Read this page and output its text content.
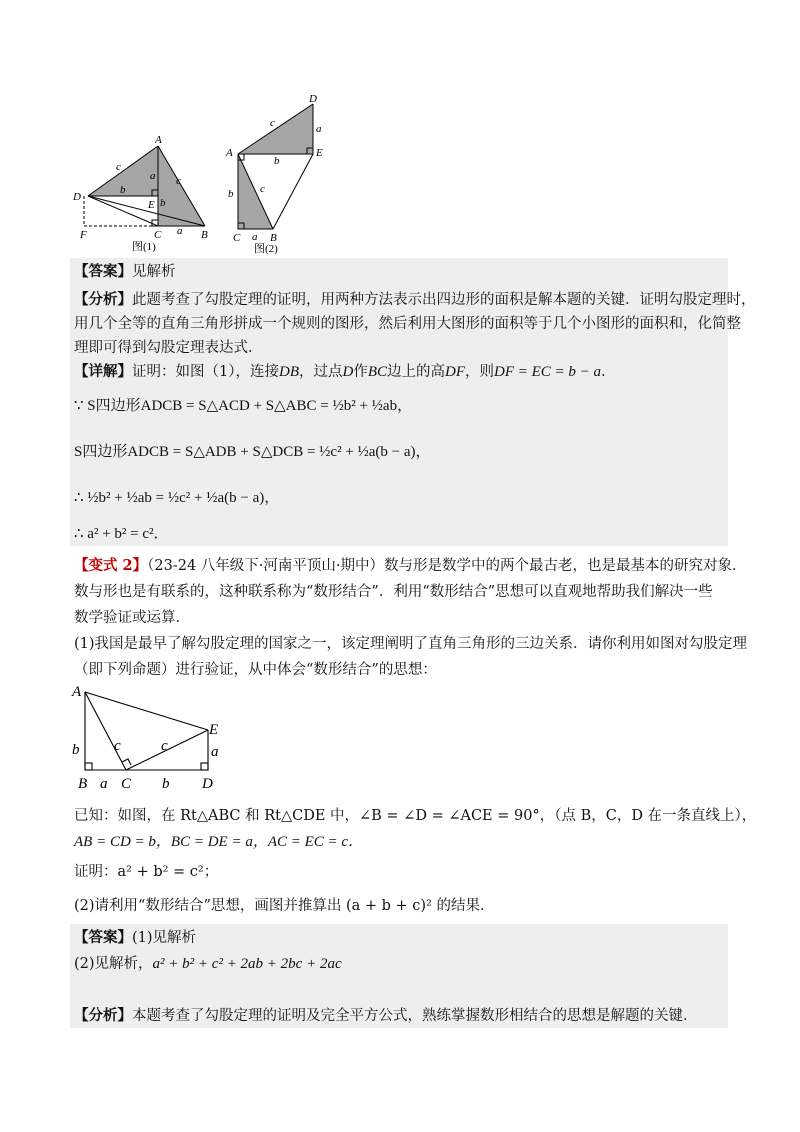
A
D
E
F	C	B
c
b
a
b
c
a
图(1)
D
A	E
C	B
c	a
b
b c
a
图(2)
【答案】见解析
【分析】此题考查了勾股定理的证明，用两种方法表示出四边形的面积是解本题的关键．证明勾股定理时，
用几个全等的直角三角形拼成一个规则的图形，然后利用大图形的面积等于几个小图形的面积和，化简整
理即可得到勾股定理表达式．
【详解】证明：如图（1），连接DB，过点D作BC边上的高DF，则DF = EC = b − a．
∵ S四边形ADCB = S△ACD + S△ABC = ½b² + ½ab，
S四边形ADCB = S△ADB + S△DCB = ½c² + ½a(b − a)，
∴ ½b² + ½ab = ½c² + ½a(b − a)，
∴ a² + b² = c²．
【变式 2】（23-24 八年级下·河南平顶山·期中）数与形是数学中的两个最古老，也是最基本的研究对象．
数与形也是有联系的，这种联系称为“数形结合”．利用“数形结合”思想可以直观地帮助我们解决一些
数学验证或运算．
(1)我国是最早了解勾股定理的国家之一，该定理阐明了直角三角形的三边关系．请你利用如图对勾股定理
（即下列命题）进行验证，从中体会“数形结合”的思想：
A
E
B a C b D
b c	c	a
已知：如图，在 Rt△ABC 和 Rt△CDE 中，∠B = ∠D = ∠ACE = 90°，（点 B，C，D 在一条直线上），
AB = CD = b，BC = DE = a，AC = EC = c．
证明：a² + b² = c²；
(2)请利用“数形结合”思想，画图并推算出 (a + b + c)² 的结果．
【答案】(1)见解析
(2)见解析，a² + b² + c² + 2ab + 2bc + 2ac
【分析】本题考查了勾股定理的证明及完全平方公式，熟练掌握数形相结合的思想是解题的关键．
